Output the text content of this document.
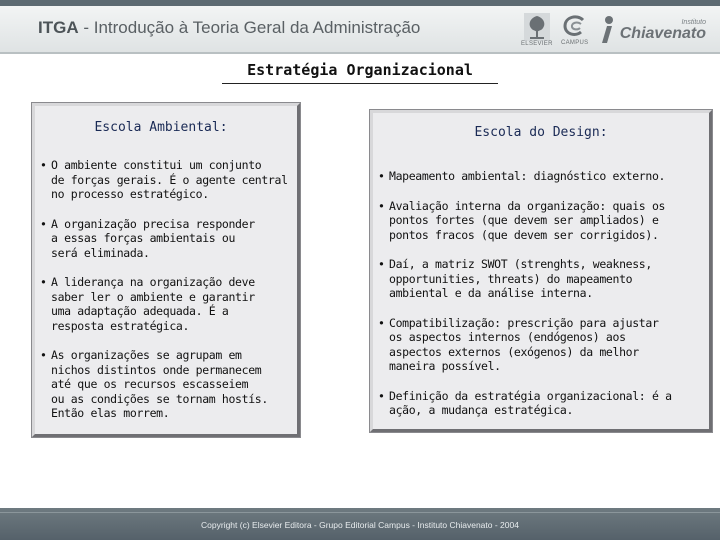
ITGA - Introdução à Teoria Geral da Administração
ELSEVIER CAMPUS
Instituto
Chiavenato
Estratégia Organizacional
Escola Ambiental:
• O ambiente constitui um conjunto
de forças gerais. É o agente central
no processo estratégico.
• A organização precisa responder
a essas forças ambientais ou
será eliminada.
• A liderança na organização deve
saber ler o ambiente e garantir
uma adaptação adequada. É a
resposta estratégica.
• As organizações se agrupam em
nichos distintos onde permanecem
até que os recursos escasseiem
ou as condições se tornam hostís.
Então elas morrem.
Escola do Design:
• Mapeamento ambiental: diagnóstico externo.
• Avaliação interna da organização: quais os
pontos fortes (que devem ser ampliados) e
pontos fracos (que devem ser corrigidos).
• Daí, a matriz SWOT (strenghts, weakness,
opportunities, threats) do mapeamento
ambiental e da análise interna.
• Compatibilização: prescrição para ajustar
os aspectos internos (endógenos) aos
aspectos externos (exógenos) da melhor
maneira possível.
• Definição da estratégia organizacional: é a
ação, a mudança estratégica.
Copyright (c) Elsevier Editora - Grupo Editorial Campus - Instituto Chiavenato - 2004
